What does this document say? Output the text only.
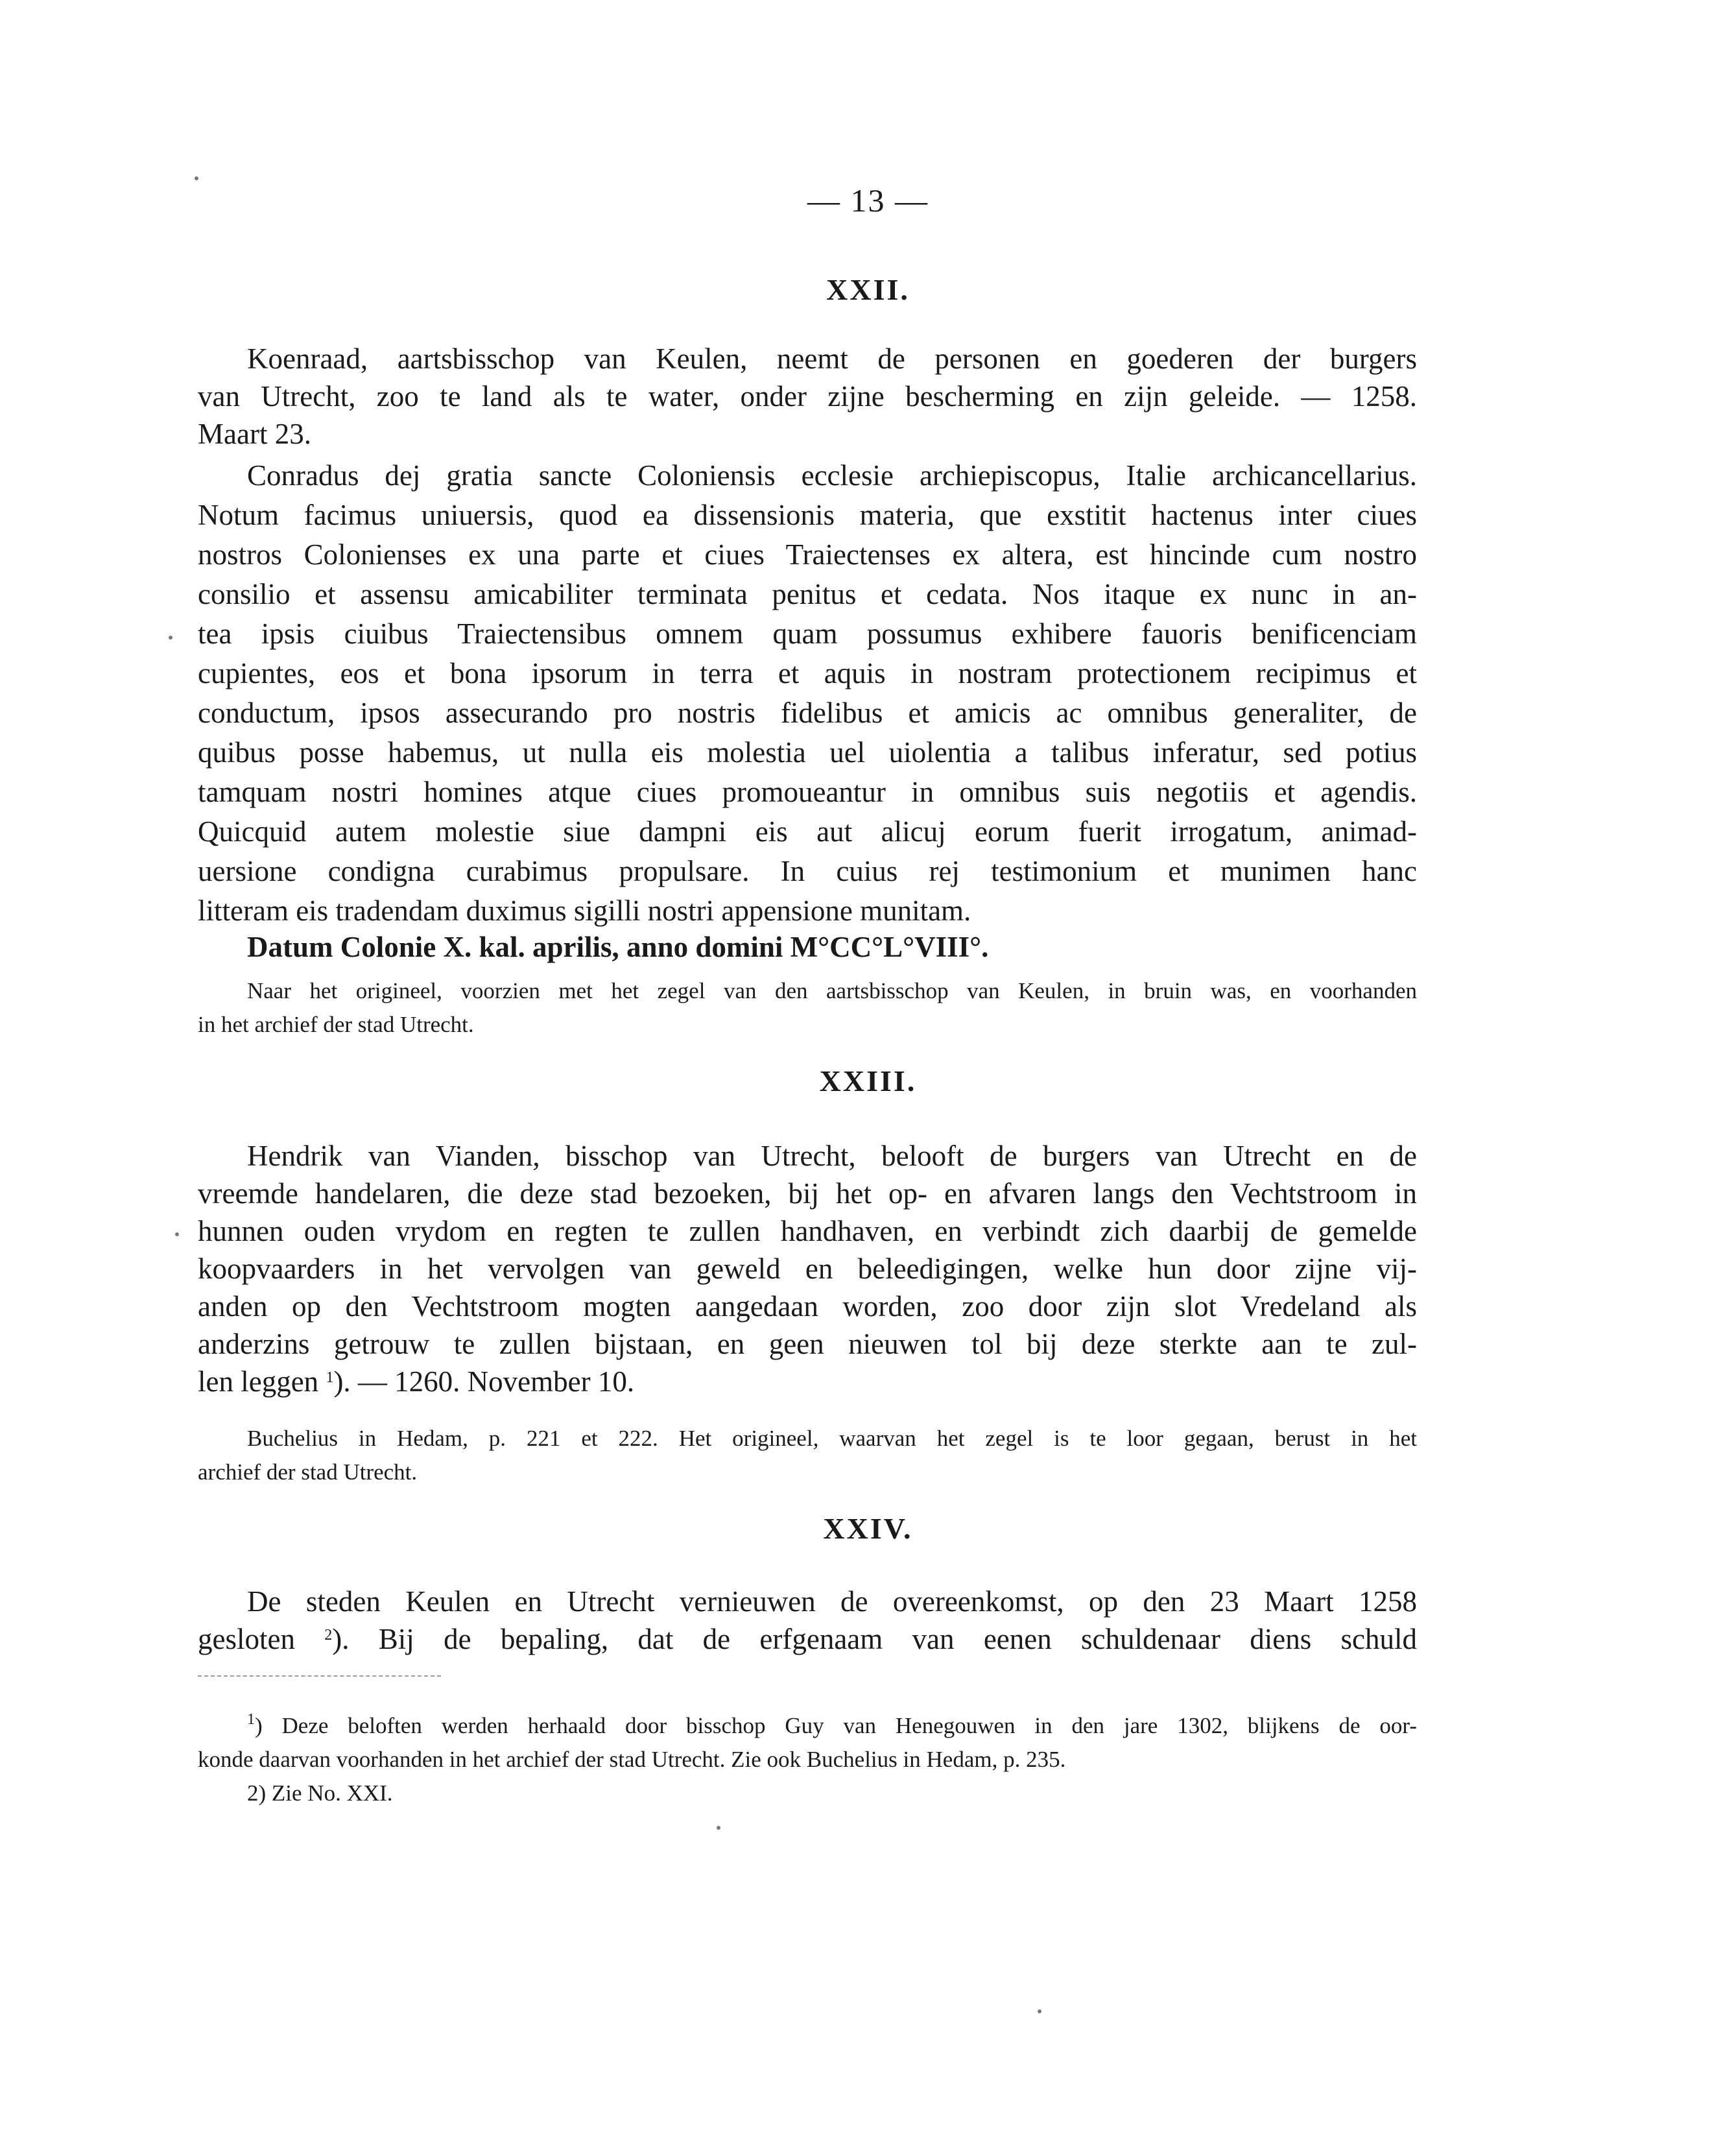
— 13 —
XXII.
Koenraad, aartsbisschop van Keulen, neemt de personen en goederen der burgers
van Utrecht, zoo te land als te water, onder zijne bescherming en zijn geleide. — 1258.
Maart 23.
Conradus dej gratia sancte Coloniensis ecclesie archiepiscopus, Italie archicancellarius.
Notum facimus uniuersis, quod ea dissensionis materia, que exstitit hactenus inter ciues
nostros Colonienses ex una parte et ciues Traiectenses ex altera, est hincinde cum nostro
consilio et assensu amicabiliter terminata penitus et cedata. Nos itaque ex nunc in an-
tea ipsis ciuibus Traiectensibus omnem quam possumus exhibere fauoris benificenciam
cupientes, eos et bona ipsorum in terra et aquis in nostram protectionem recipimus et
conductum, ipsos assecurando pro nostris fidelibus et amicis ac omnibus generaliter, de
quibus posse habemus, ut nulla eis molestia uel uiolentia a talibus inferatur, sed potius
tamquam nostri homines atque ciues promoueantur in omnibus suis negotiis et agendis.
Quicquid autem molestie siue dampni eis aut alicuj eorum fuerit irrogatum, animad-
uersione condigna curabimus propulsare. In cuius rej testimonium et munimen hanc
litteram eis tradendam duximus sigilli nostri appensione munitam.
Datum Colonie X. kal. aprilis, anno domini M°CC°L°VIII°.
Naar het origineel, voorzien met het zegel van den aartsbisschop van Keulen, in bruin was, en voorhanden
in het archief der stad Utrecht.
XXIII.
Hendrik van Vianden, bisschop van Utrecht, belooft de burgers van Utrecht en de
vreemde handelaren, die deze stad bezoeken, bij het op- en afvaren langs den Vechtstroom in
hunnen ouden vrydom en regten te zullen handhaven, en verbindt zich daarbij de gemelde
koopvaarders in het vervolgen van geweld en beleedigingen, welke hun door zijne vij-
anden op den Vechtstroom mogten aangedaan worden, zoo door zijn slot Vredeland als
anderzins getrouw te zullen bijstaan, en geen nieuwen tol bij deze sterkte aan te zul-
len leggen $^1$). — 1260. November 10.
Buchelius in Hedam, p. 221 et 222. Het origineel, waarvan het zegel is te loor gegaan, berust in het
archief der stad Utrecht.
XXIV.
De steden Keulen en Utrecht vernieuwen de overeenkomst, op den 23 Maart 1258
gesloten $^2$). Bij de bepaling, dat de erfgenaam van eenen schuldenaar diens schuld
$^1$) Deze beloften werden herhaald door bisschop Guy van Henegouwen in den jare 1302, blijkens de oor-
konde daarvan voorhanden in het archief der stad Utrecht. Zie ook Buchelius in Hedam, p. 235.
2) Zie No. XXI.
